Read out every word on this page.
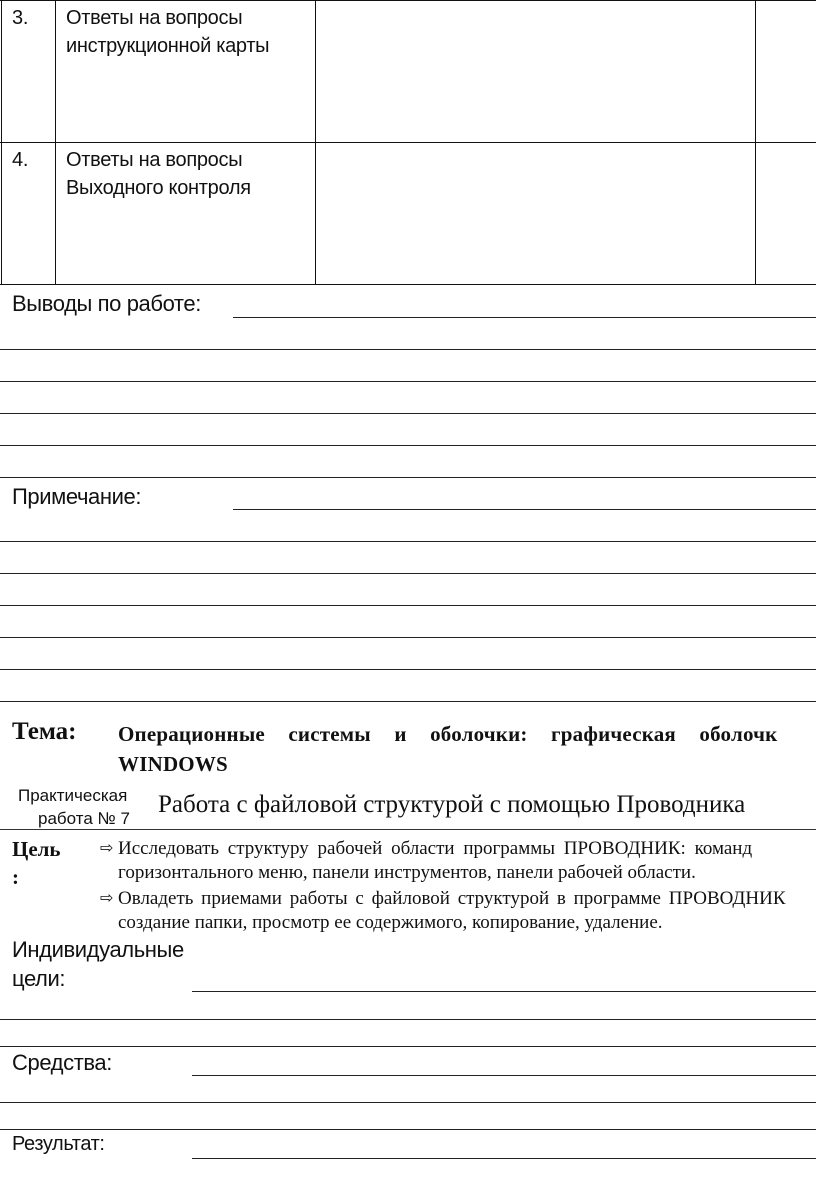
3. Ответы на вопросы
инструкционной карты
4. Ответы на вопросы
Выходного контроля
Выводы по работе:
Примечание:
Тема: Операционные системы и оболочки: графическая оболочк
WINDOWS
Практическая
работа № 7
Работа с файловой структурой с помощью Проводника
Цель
:
⇨ Исследовать структуру рабочей области программы ПРОВОДНИК: команд
горизонтального меню, панели инструментов, панели рабочей области.
⇨ Овладеть приемами работы с файловой структурой в программе ПРОВОДНИК
создание папки, просмотр ее содержимого, копирование, удаление.
Индивидуальные
цели:
Средства:
Результат:
